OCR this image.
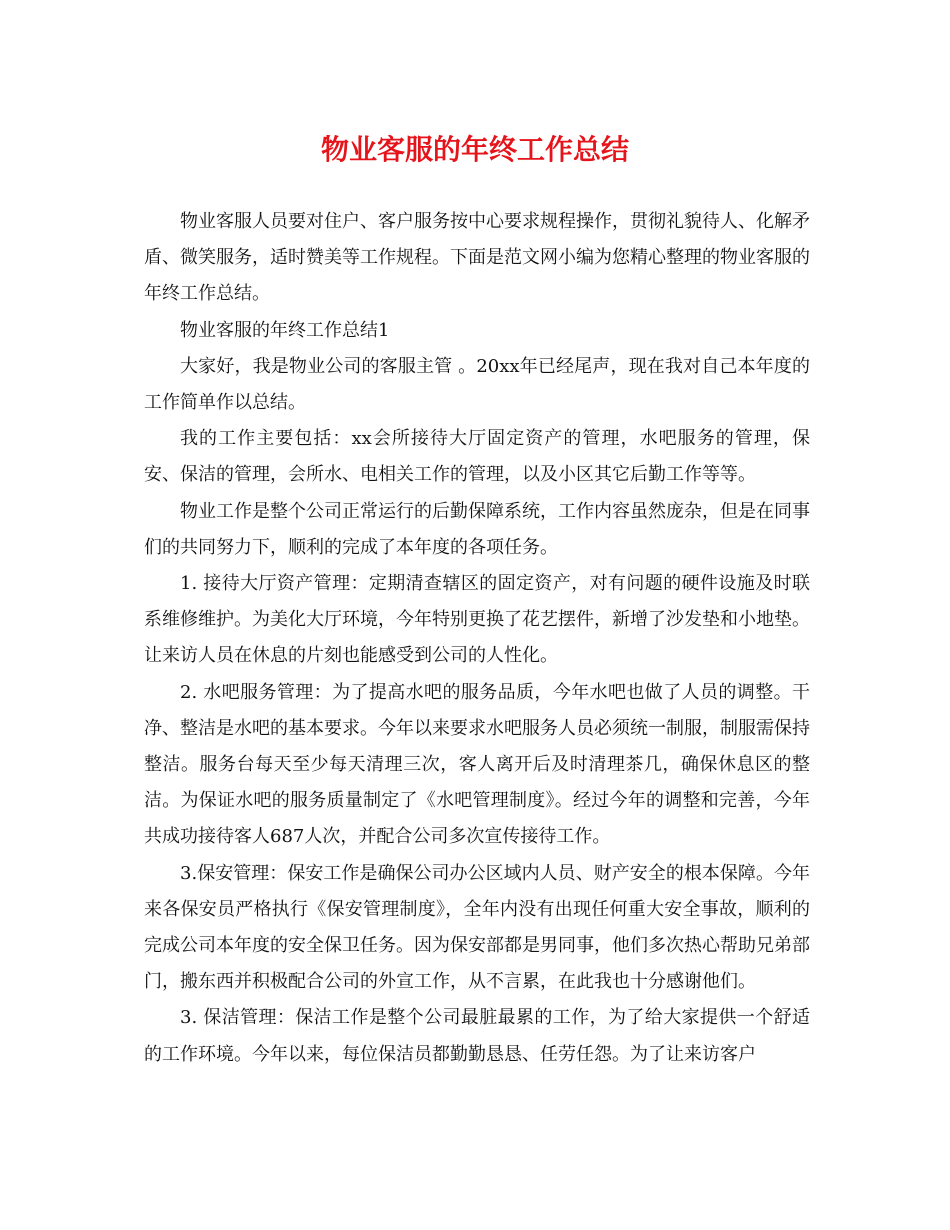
物业客服的年终工作总结

物业客服人员要对住户、客户服务按中心要求规程操作，贯彻礼貌待人、化解矛盾、微笑服务，适时赞美等工作规程。下面是范文网小编为您精心整理的物业客服的年终工作总结。

物业客服的年终工作总结1

大家好，我是物业公司的客服主管 。20xx年已经尾声，现在我对自己本年度的工作简单作以总结。

我的工作主要包括：xx会所接待大厅固定资产的管理，水吧服务的管理，保安、保洁的管理，会所水、电相关工作的管理，以及小区其它后勤工作等等。

物业工作是整个公司正常运行的后勤保障系统，工作内容虽然庞杂，但是在同事们的共同努力下，顺利的完成了本年度的各项任务。

1. 接待大厅资产管理：定期清查辖区的固定资产，对有问题的硬件设施及时联系维修维护。为美化大厅环境，今年特别更换了花艺摆件，新增了沙发垫和小地垫。让来访人员在休息的片刻也能感受到公司的人性化。

2. 水吧服务管理：为了提高水吧的服务品质，今年水吧也做了人员的调整。干净、整洁是水吧的基本要求。今年以来要求水吧服务人员必须统一制服，制服需保持整洁。服务台每天至少每天清理三次，客人离开后及时清理茶几，确保休息区的整洁。为保证水吧的服务质量制定了《水吧管理制度》。经过今年的调整和完善，今年共成功接待客人687人次，并配合公司多次宣传接待工作。

3.保安管理：保安工作是确保公司办公区域内人员、财产安全的根本保障。今年来各保安员严格执行《保安管理制度》，全年内没有出现任何重大安全事故，顺利的完成公司本年度的安全保卫任务。因为保安部都是男同事，他们多次热心帮助兄弟部门，搬东西并积极配合公司的外宣工作，从不言累，在此我也十分感谢他们。

3. 保洁管理：保洁工作是整个公司最脏最累的工作，为了给大家提供一个舒适的工作环境。今年以来，每位保洁员都勤勤恳恳、任劳任怨。为了让来访客户
